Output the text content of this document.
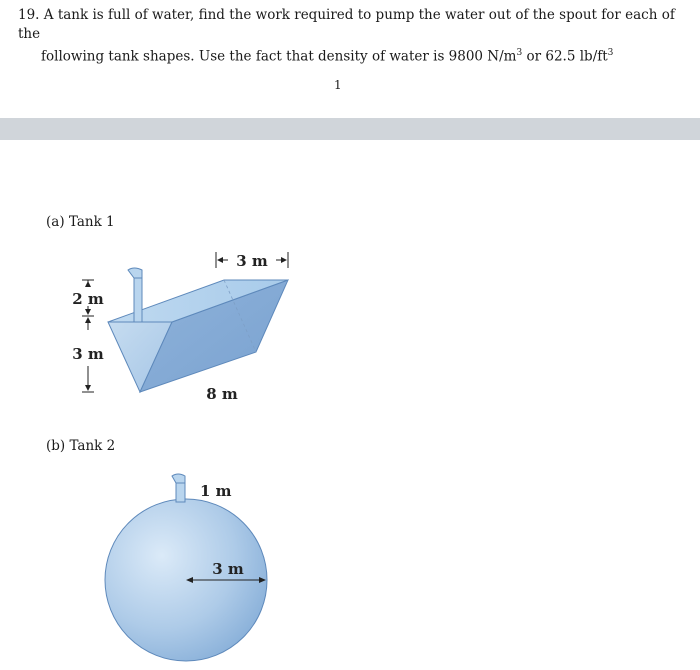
19. A tank is full of water, find the work required to pump the water out of the spout for each of the
following tank shapes. Use the fact that density of water is 9800 $N/m^3$ or 62.5 $lb/ft^3$
1
(a) Tank 1
3 m
2 m
3 m
8 m
(b) Tank 2
1 m
3 m
